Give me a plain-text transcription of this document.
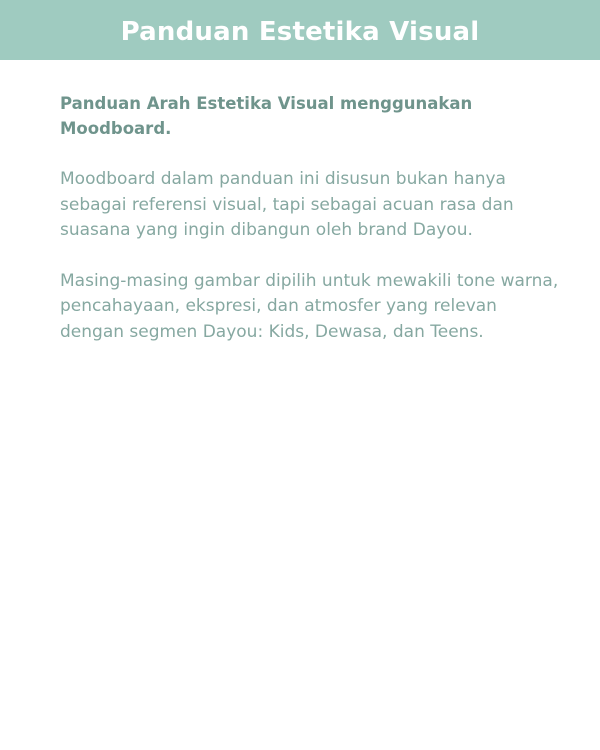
Panduan Estetika Visual

Panduan Arah Estetika Visual menggunakan Moodboard.

Moodboard dalam panduan ini disusun bukan hanya sebagai referensi visual, tapi sebagai acuan rasa dan suasana yang ingin dibangun oleh brand Dayou.

Masing-masing gambar dipilih untuk mewakili tone warna, pencahayaan, ekspresi, dan atmosfer yang relevan dengan segmen Dayou: Kids, Dewasa, dan Teens.
